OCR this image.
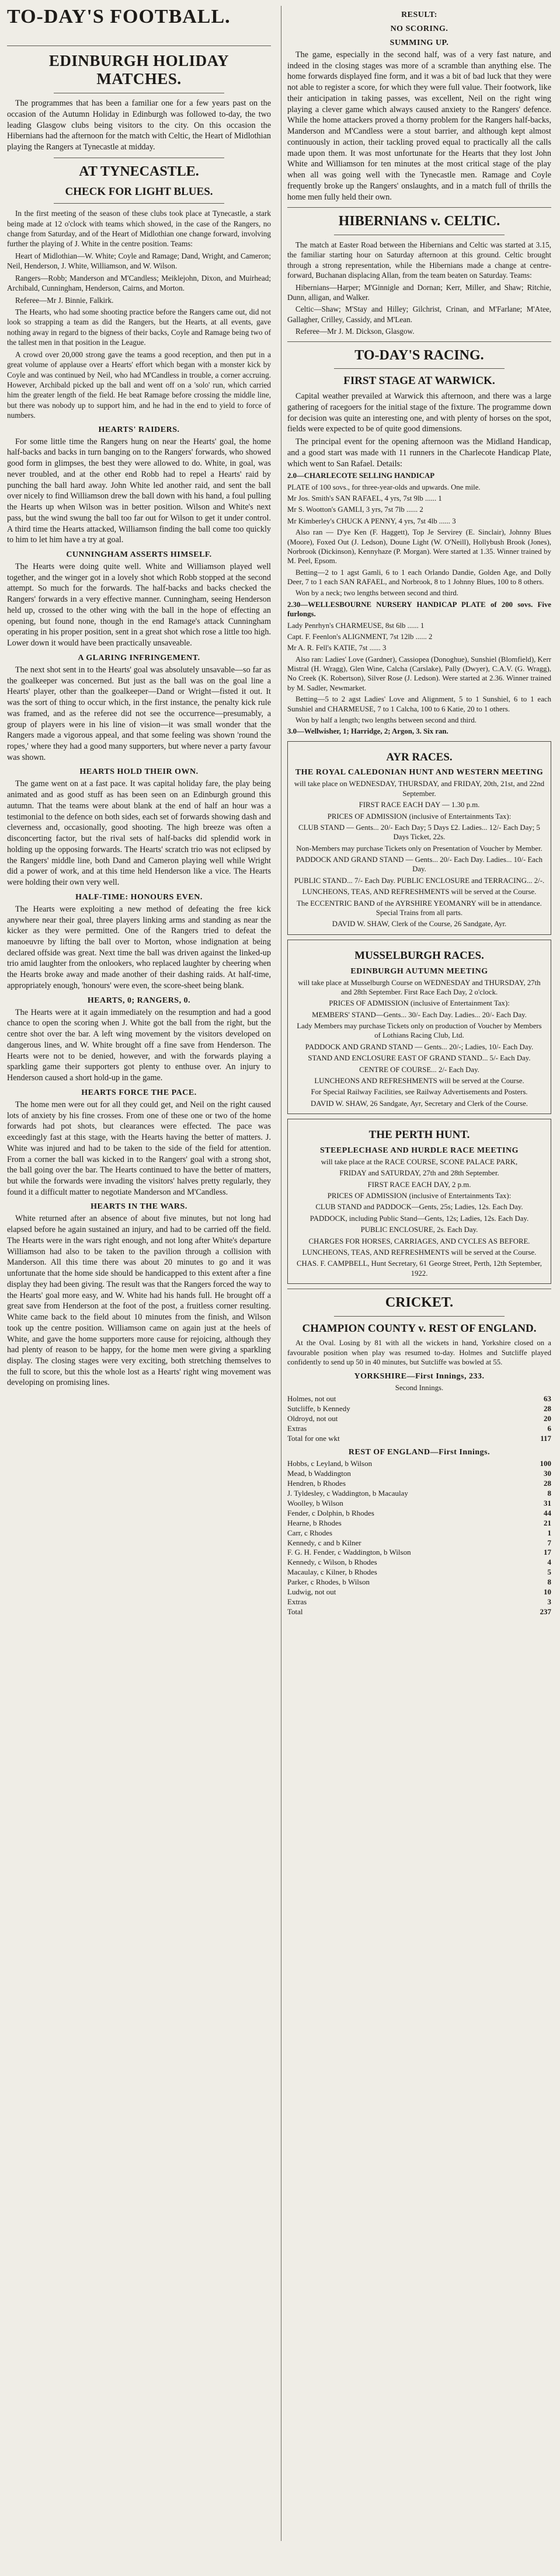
TO-DAY'S FOOTBALL.
EDINBURGH HOLIDAY MATCHES.

The programmes that has been a familiar one for a few years past on the occasion of the Autumn Holiday in Edinburgh was followed to-day, the two leading Glasgow clubs being visitors to the city. On this occasion the Hibernians had the afternoon for the match with Celtic, the Heart of Midlothian playing the Rangers at Tynecastle at midday.

AT TYNECASTLE.
CHECK FOR LIGHT BLUES.

In the first meeting of the season of these clubs took place at Tynecastle, a stark being made at 12 o'clock with teams which showed, in the case of the Rangers, no change from Saturday, and of the Heart of Midlothian one change forward, involving further the playing of J. White in the centre position. Teams:

Heart of Midlothian—W. White; Coyle and Ramage; Dand, Wright, and Cameron; Neil, Henderson, J. White, Williamson, and W. Wilson.

Rangers—Robb; Manderson and M'Candless; Meiklejohn, Dixon, and Muirhead; Archibald, Cunningham, Henderson, Cairns, and Morton.

Referee—Mr J. Binnie, Falkirk.

The Hearts, who had some shooting practice before the Rangers came out, did not look so strapping a team as did the Rangers, but the Hearts, at all events, gave nothing away in regard to the bigness of their backs, Coyle and Ramage being two of the tallest men in that position in the League.

A crowd over 20,000 strong gave the teams a good reception, and then put in a great volume of applause over a Hearts' effort which began with a monster kick by Coyle and was continued by Neil, who had M'Candless in trouble, a corner accruing. However, Archibald picked up the ball and went off on a 'solo' run, which carried him the greater length of the field. He beat Ramage before crossing the middle line, but there was nobody up to support him, and he had in the end to yield to force of numbers.

HEARTS' RAIDERS.

For some little time the Rangers hung on near the Hearts' goal, the home half-backs and backs in turn banging on to the Rangers' forwards, who showed good form in glimpses, the best they were allowed to do. White, in goal, was never troubled, and at the other end Robb had to repel a Hearts' raid by punching the ball hard away. John White led another raid, and sent the ball over nicely to find Williamson drew the ball down with his hand, a foul pulling the Hearts up when Wilson was in better position. Wilson and White's next pass, but the wind swung the ball too far out for Wilson to get it under control. A third time the Hearts attacked, Williamson finding the ball come too quickly to him to let him have a try at goal.

CUNNINGHAM ASSERTS HIMSELF.

The Hearts were doing quite well. White and Williamson played well together, and the winger got in a lovely shot which Robb stopped at the second attempt. So much for the forwards. The half-backs and backs checked the Rangers' forwards in a very effective manner. Cunningham, seeing Henderson held up, crossed to the other wing with the ball in the hope of effecting an opening, but found none, though in the end Ramage's attack Cunningham operating in his proper position, sent in a great shot which rose a little too high. Lower down it would have been practically unsaveable.

A GLARING INFRINGEMENT.

The next shot sent in to the Hearts' goal was absolutely unsavable—so far as the goalkeeper was concerned. But just as the ball was on the goal line a Hearts' player, other than the goalkeeper—Dand or Wright—fisted it out. It was the sort of thing to occur which, in the first instance, the penalty kick rule was framed, and as the referee did not see the occurrence—presumably, a group of players were in his line of vision—it was small wonder that the Rangers made a vigorous appeal, and that some feeling was shown 'round the ropes,' where they had a good many supporters, but where never a party favour was shown.

HEARTS HOLD THEIR OWN.

The game went on at a fast pace. It was capital holiday fare, the play being animated and as good stuff as has been seen on an Edinburgh ground this autumn. That the teams were about blank at the end of half an hour was a testimonial to the defence on both sides, each set of forwards showing dash and cleverness and, occasionally, good shooting. The high breeze was often a disconcerting factor, but the rival sets of half-backs did splendid work in holding up the opposing forwards. The Hearts' scratch trio was not eclipsed by the Rangers' middle line, both Dand and Cameron playing well while Wright did a power of work, and at this time held Henderson like a vice. The Hearts were holding their own very well.

HALF-TIME: HONOURS EVEN.

The Hearts were exploiting a new method of defeating the free kick anywhere near their goal, three players linking arms and standing as near the kicker as they were permitted. One of the Rangers tried to defeat the manoeuvre by lifting the ball over to Morton, whose indignation at being declared offside was great. Next time the ball was driven against the linked-up trio amid laughter from the onlookers, who replaced laughter by cheering when the Hearts broke away and made another of their dashing raids. At half-time, appropriately enough, 'honours' were even, the score-sheet being blank.

HEARTS, 0; RANGERS, 0.

The Hearts were at it again immediately on the resumption and had a good chance to open the scoring when J. White got the ball from the right, but the centre shot over the bar. A left wing movement by the visitors developed on dangerous lines, and W. White brought off a fine save from Henderson. The Hearts were not to be denied, however, and with the forwards playing a sparkling game their supporters got plenty to enthuse over. An injury to Henderson caused a short hold-up in the game.

HEARTS FORCE THE PACE.

The home men were out for all they could get, and Neil on the right caused lots of anxiety by his fine crosses. From one of these one or two of the home forwards had pot shots, but clearances were effected. The pace was exceedingly fast at this stage, with the Hearts having the better of matters. J. White was injured and had to be taken to the side of the field for attention. From a corner the ball was kicked in to the Rangers' goal with a strong shot, the ball going over the bar. The Hearts continued to have the better of matters, but while the forwards were invading the visitors' halves pretty regularly, they found it a difficult matter to negotiate Manderson and M'Candless.

HEARTS IN THE WARS.

White returned after an absence of about five minutes, but not long had elapsed before he again sustained an injury, and had to be carried off the field. The Hearts were in the wars right enough, and not long after White's departure Williamson had also to be taken to the pavilion through a collision with Manderson. All this time there was about 20 minutes to go and it was unfortunate that the home side should be handicapped to this extent after a fine display they had been giving. The result was that the Rangers forced the way to the Hearts' goal more easy, and W. White had his hands full. He brought off a great save from Henderson at the foot of the post, a fruitless corner resulting. White came back to the field about 10 minutes from the finish, and Wilson took up the centre position. Williamson came on again just at the heels of White, and gave the home supporters more cause for rejoicing, although they had plenty of reason to be happy, for the home men were giving a sparkling display. The closing stages were very exciting, both stretching themselves to the full to score, but this the whole lost as a Hearts' right wing movement was developing on promising lines.

RESULT:
NO SCORING.
SUMMING UP.

The game, especially in the second half, was of a very fast nature, and indeed in the closing stages was more of a scramble than anything else. The home forwards displayed fine form, and it was a bit of bad luck that they were not able to register a score, for which they were full value. Their footwork, like their anticipation in taking passes, was excellent, Neil on the right wing playing a clever game which always caused anxiety to the Rangers' defence. While the home attackers proved a thorny problem for the Rangers half-backs, Manderson and M'Candless were a stout barrier, and although kept almost continuously in action, their tackling proved equal to practically all the calls made upon them. It was most unfortunate for the Hearts that they lost John White and Williamson for ten minutes at the most critical stage of the play when all was going well with the Tynecastle men. Ramage and Coyle frequently broke up the Rangers' onslaughts, and in a match full of thrills the home men fully held their own.

HIBERNIANS v. CELTIC.

The match at Easter Road between the Hibernians and Celtic was started at 3.15, the familiar starting hour on Saturday afternoon at this ground. Celtic brought through a strong representation, while the Hibernians made a change at centre-forward, Buchanan displacing Allan, from the team beaten on Saturday. Teams:

Hibernians—Harper; M'Ginnigle and Dornan; Kerr, Miller, and Shaw; Ritchie, Dunn, alligan, and Walker.

Celtic—Shaw; M'Stay and Hilley; Gilchrist, Crinan, and M'Farlane; M'Atee, Gallagher, Crilley, Cassidy, and M'Lean.

Referee—Mr J. M. Dickson, Glasgow.

TO-DAY'S RACING.
FIRST STAGE AT WARWICK.

Capital weather prevailed at Warwick this afternoon, and there was a large gathering of racegoers for the initial stage of the fixture. The programme down for decision was quite an interesting one, and with plenty of horses on the spot, fields were expected to be of quite good dimensions.

The principal event for the opening afternoon was the Midland Handicap, and a good start was made with 11 runners in the Charlecote Handicap Plate, which went to San Rafael. Details:

2.0—CHARLECOTE SELLING HANDICAP

PLATE of 100 sovs., for three-year-olds and upwards. One mile.

Mr Jos. Smith's SAN RAFAEL, 4 yrs, 7st 9lb ...... 1

Mr S. Wootton's GAMLI, 3 yrs, 7st 7lb ...... 2

Mr Kimberley's CHUCK A PENNY, 4 yrs, 7st 4lb ...... 3

Also ran — D'ye Ken (F. Haggett), Top Je Servirey (E. Sinclair), Johnny Blues (Moore), Foxed Out (J. Ledson), Doune Light (W. O'Neill), Hollybush Brook (Jones), Norbrook (Dickinson), Kennyhaze (P. Morgan). Were started at 1.35. Winner trained by M. Peel, Epsom.

Betting—2 to 1 agst Gamli, 6 to 1 each Orlando Dandie, Golden Age, and Dolly Deer, 7 to 1 each SAN RAFAEL, and Norbrook, 8 to 1 Johnny Blues, 100 to 8 others.

Won by a neck; two lengths between second and third.

2.30—WELLESBOURNE NURSERY HANDICAP PLATE of 200 sovs. Five furlongs.

Lady Penrhyn's CHARMEUSE, 8st 6lb ...... 1

Capt. F. Feenlon's ALIGNMENT, 7st 12lb ...... 2

Mr A. R. Fell's KATIE, 7st ...... 3

Also ran: Ladies' Love (Gardner), Cassiopea (Donoghue), Sunshiel (Blomfield), Kerr Mistral (H. Wragg), Glen Wine, Calcha (Carslake), Pally (Dwyer), C.A.V. (G. Wragg), No Creek (K. Robertson), Silver Rose (J. Ledson). Were started at 2.36. Winner trained by M. Sadler, Newmarket.

Betting—5 to 2 agst Ladies' Love and Alignment, 5 to 1 Sunshiel, 6 to 1 each Sunshiel and CHARMEUSE, 7 to 1 Calcha, 100 to 6 Katie, 20 to 1 others.

Won by half a length; two lengths between second and third.

3.0—Wellwisher, 1; Harridge, 2; Argon, 3. Six ran.

AYR RACES.
THE ROYAL CALEDONIAN HUNT AND WESTERN MEETING

will take place on WEDNESDAY, THURSDAY, and FRIDAY, 20th, 21st, and 22nd September.

FIRST RACE EACH DAY — 1.30 p.m.

PRICES OF ADMISSION (inclusive of Entertainments Tax):

CLUB STAND — Gents... 20/- Each Day; 5 Days £2. Ladies... 12/- Each Day; 5 Days Ticket, 22s.

Non-Members may purchase Tickets only on Presentation of Voucher by Member.

PADDOCK AND GRAND STAND — Gents... 20/- Each Day. Ladies... 10/- Each Day.

PUBLIC STAND... 7/- Each Day. PUBLIC ENCLOSURE and TERRACING... 2/-.

LUNCHEONS, TEAS, AND REFRESHMENTS will be served at the Course.

The ECCENTRIC BAND of the AYRSHIRE YEOMANRY will be in attendance. Special Trains from all parts.

DAVID W. SHAW, Clerk of the Course, 26 Sandgate, Ayr.

MUSSELBURGH RACES.
EDINBURGH AUTUMN MEETING

will take place at Musselburgh Course on WEDNESDAY and THURSDAY, 27th and 28th September. First Race Each Day, 2 o'clock.

PRICES OF ADMISSION (inclusive of Entertainment Tax):

MEMBERS' STAND—Gents... 30/- Each Day. Ladies... 20/- Each Day.

Lady Members may purchase Tickets only on production of Voucher by Members of Lothians Racing Club, Ltd.

PADDOCK AND GRAND STAND — Gents... 20/-; Ladies, 10/- Each Day.

STAND AND ENCLOSURE EAST OF GRAND STAND... 5/- Each Day.

CENTRE OF COURSE... 2/- Each Day.

LUNCHEONS AND REFRESHMENTS will be served at the Course.

For Special Railway Facilities, see Railway Advertisements and Posters.

DAVID W. SHAW, 26 Sandgate, Ayr, Secretary and Clerk of the Course.

THE PERTH HUNT.
STEEPLECHASE AND HURDLE RACE MEETING

will take place at the RACE COURSE, SCONE PALACE PARK,

FRIDAY and SATURDAY, 27th and 28th September.

FIRST RACE EACH DAY, 2 p.m.

PRICES OF ADMISSION (inclusive of Entertainments Tax):

CLUB STAND and PADDOCK—Gents, 25s; Ladies, 12s. Each Day.

PADDOCK, including Public Stand—Gents, 12s; Ladies, 12s. Each Day.

PUBLIC ENCLOSURE, 2s. Each Day.

CHARGES FOR HORSES, CARRIAGES, AND CYCLES AS BEFORE.

LUNCHEONS, TEAS, AND REFRESHMENTS will be served at the Course.

CHAS. F. CAMPBELL, Hunt Secretary, 61 George Street, Perth, 12th September, 1922.

CRICKET.
CHAMPION COUNTY v. REST OF ENGLAND.

At the Oval. Losing by 81 with all the wickets in hand, Yorkshire closed on a favourable position when play was resumed to-day. Holmes and Sutcliffe played confidently to send up 50 in 40 minutes, but Sutcliffe was bowled at 55.

YORKSHIRE—First Innings, 233.

Second Innings.

Holmes, not out	63
Sutcliffe, b Kennedy	28
Oldroyd, not out	20
Extras	6
Total for one wkt	117
REST OF ENGLAND—First Innings.
Hobbs, c Leyland, b Wilson	100
Mead, b Waddington	30
Hendren, b Rhodes	28
J. Tyldesley, c Waddington, b Macaulay	8
Woolley, b Wilson	31
Fender, c Dolphin, b Rhodes	44
Hearne, b Rhodes	21
Carr, c Rhodes	1
Kennedy, c and b Kilner	7
F. G. H. Fender, c Waddington, b Wilson	17
Kennedy, c Wilson, b Rhodes	4
Macaulay, c Kilner, b Rhodes	5
Parker, c Rhodes, b Wilson	8
Ludwig, not out	10
Extras	3
Total	237
